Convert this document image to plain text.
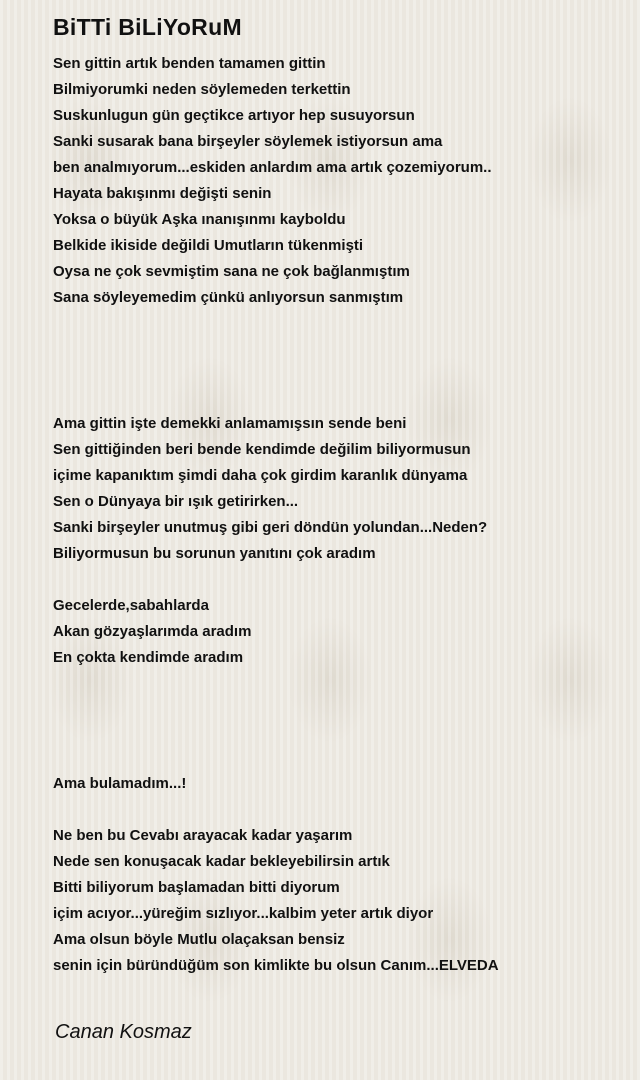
BiTTi BiLiYoRuM
Sen gittin artık benden tamamen gittin
Bilmiyorumki neden söylemeden terkettin
Suskunlugun gün geçtikce artıyor hep susuyorsun
Sanki susarak bana birşeyler söylemek istiyorsun ama
ben analmıyorum...eskiden anlardım ama artık çozemiyorum..
Hayata bakışınmı değişti senin
Yoksa o büyük Aşka ınanışınmı kayboldu
Belkide ikiside değildi Umutların tükenmişti
Oysa ne çok sevmiştim sana ne çok bağlanmıştım
Sana söyleyemedim çünkü anlıyorsun sanmıştım
Ama gittin işte demekki anlamamışsın sende beni
Sen gittiğinden beri bende kendimde değilim biliyormusun
içime kapanıktım şimdi daha çok girdim karanlık dünyama
Sen o Dünyaya bir ışık getirirken...
Sanki birşeyler unutmuş gibi geri döndün yolundan...Neden?
Biliyormusun bu sorunun yanıtını çok aradım
Gecelerde,sabahlarda
Akan gözyaşlarımda aradım
En çokta kendimde aradım
Ama bulamadım...!
Ne ben bu Cevabı arayacak kadar yaşarım
Nede sen konuşacak kadar bekleyebilirsin artık
Bitti biliyorum başlamadan bitti diyorum
içim acıyor...yüreğim sızlıyor...kalbim yeter artık diyor
Ama olsun böyle Mutlu olaçaksan bensiz
senin için büründüğüm son kimlikte bu olsun Canım...ELVEDA

Canan Kosmaz
